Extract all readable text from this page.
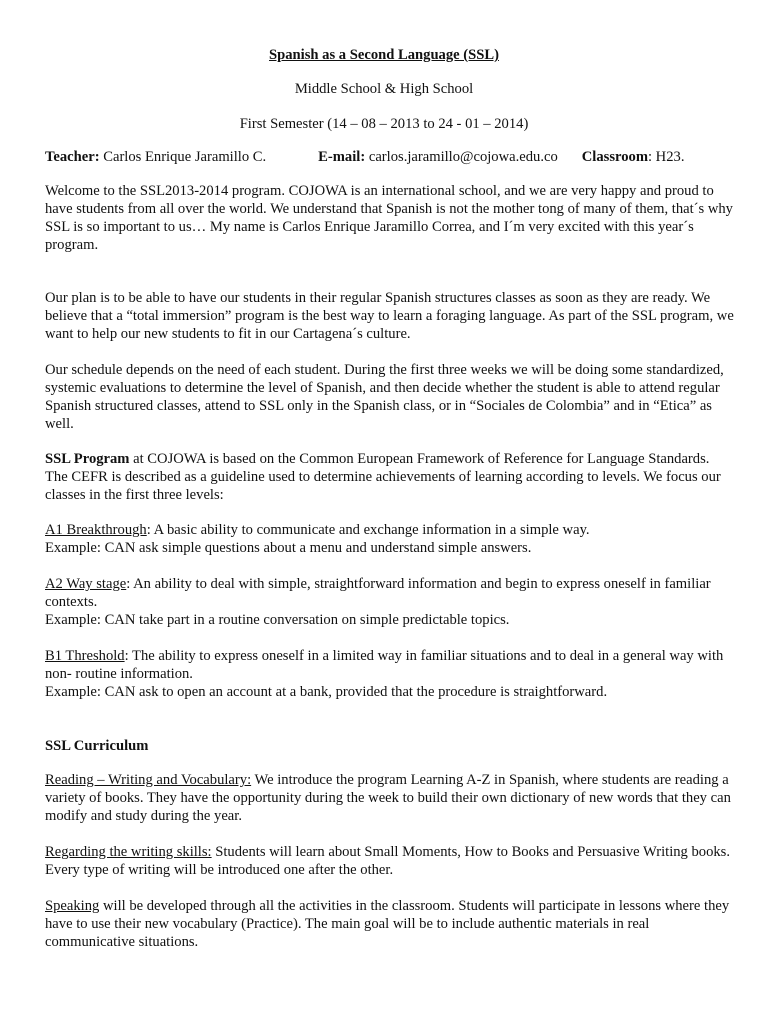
Spanish as a Second Language (SSL)

Middle School & High School

First Semester (14 – 08 – 2013 to 24 - 01 – 2014)

Teacher: Carlos Enrique Jaramillo C.	E-mail: carlos.jaramillo@cojowa.edu.co Classroom: H23.

Welcome to the SSL2013-2014 program. COJOWA is an international school, and we are very happy and proud to have students from all over the world. We understand that Spanish is not the mother tong of many of them, that´s why SSL is so important to us… My name is Carlos Enrique Jaramillo Correa, and I´m very excited with this year´s program.

Our plan is to be able to have our students in their regular Spanish structures classes as soon as they are ready. We believe that a “total immersion” program is the best way to learn a foraging language. As part of the SSL program, we want to help our new students to fit in our Cartagena´s culture.

Our schedule depends on the need of each student. During the first three weeks we will be doing some standardized, systemic evaluations to determine the level of Spanish, and then decide whether the student is able to attend regular Spanish structured classes, attend to SSL only in the Spanish class, or in “Sociales de Colombia” and in “Etica” as well.

SSL Program at COJOWA is based on the Common European Framework of Reference for Language Standards. The CEFR is described as a guideline used to determine achievements of learning according to levels. We focus our classes in the first three levels:

A1 Breakthrough: A basic ability to communicate and exchange information in a simple way.

Example: CAN ask simple questions about a menu and understand simple answers.

A2 Way stage: An ability to deal with simple, straightforward information and begin to express oneself in familiar contexts.

Example: CAN take part in a routine conversation on simple predictable topics.

B1 Threshold: The ability to express oneself in a limited way in familiar situations and to deal in a general way with non- routine information.

Example: CAN ask to open an account at a bank, provided that the procedure is straightforward.

SSL Curriculum

Reading – Writing and Vocabulary: We introduce the program Learning A-Z in Spanish, where students are reading a variety of books. They have the opportunity during the week to build their own dictionary of new words that they can modify and study during the year.

Regarding the writing skills: Students will learn about Small Moments, How to Books and Persuasive Writing books. Every type of writing will be introduced one after the other.

Speaking will be developed through all the activities in the classroom. Students will participate in lessons where they have to use their new vocabulary (Practice). The main goal will be to include authentic materials in real communicative situations.
